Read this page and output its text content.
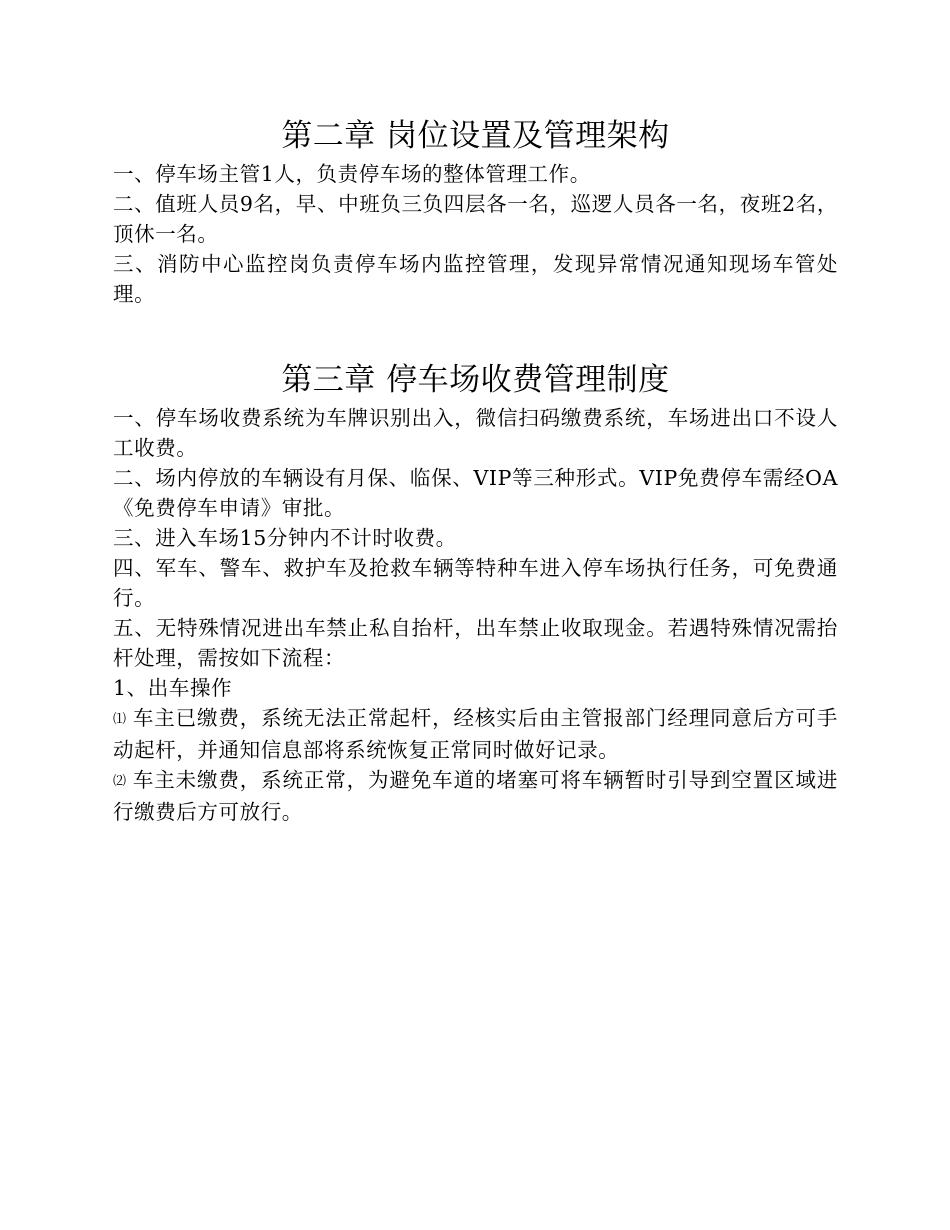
第二章 岗位设置及管理架构

一、停车场主管1人，负责停车场的整体管理工作。

二、值班人员9名，早、中班负三负四层各一名，巡逻人员各一名，夜班2名，顶休一名。

三、消防中心监控岗负责停车场内监控管理，发现异常情况通知现场车管处理。

第三章 停车场收费管理制度

一、停车场收费系统为车牌识别出入，微信扫码缴费系统，车场进出口不设人工收费。

二、场内停放的车辆设有月保、临保、VIP等三种形式。VIP免费停车需经OA《免费停车申请》审批。

三、进入车场15分钟内不计时收费。

四、军车、警车、救护车及抢救车辆等特种车进入停车场执行任务，可免费通行。

五、无特殊情况进出车禁止私自抬杆，出车禁止收取现金。若遇特殊情况需抬杆处理，需按如下流程：

1、出车操作

⑴ 车主已缴费，系统无法正常起杆，经核实后由主管报部门经理同意后方可手动起杆，并通知信息部将系统恢复正常同时做好记录。

⑵ 车主未缴费，系统正常，为避免车道的堵塞可将车辆暂时引导到空置区域进行缴费后方可放行。
